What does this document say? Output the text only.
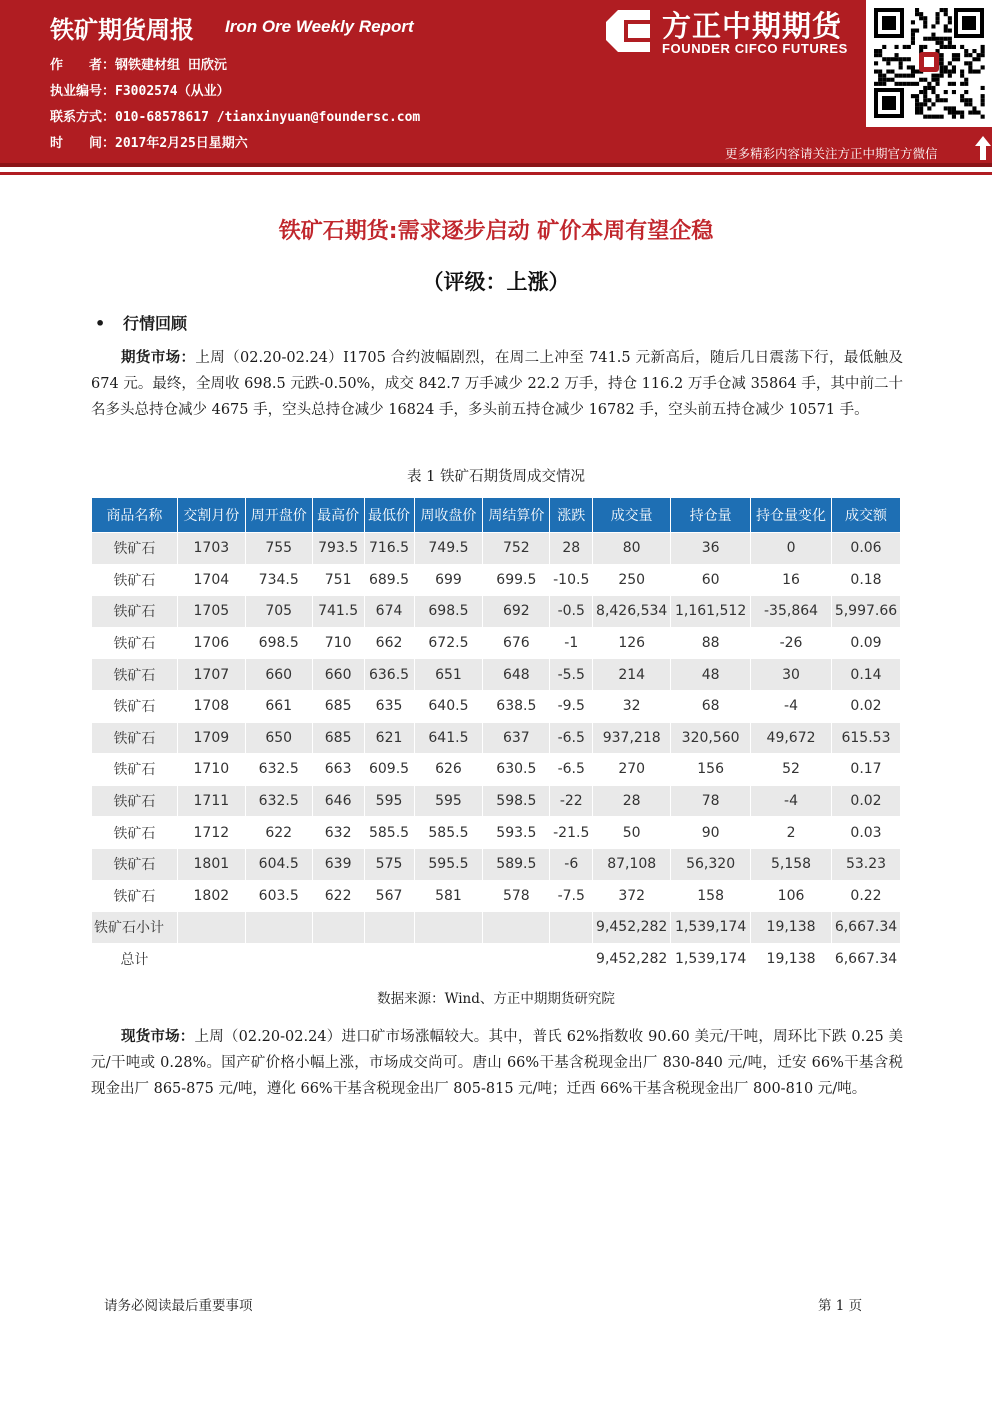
铁矿期货周报 Iron Ore Weekly Report
作　　者：钢铁建材组 田欣沅
执业编号：F3002574（从业）
联系方式：010-68578617 /tianxinyuan@foundersc.com
时　　间：2017年2月25日星期六
方正中期期货
FOUNDER CIFCO FUTURES
更多精彩内容请关注方正中期官方微信
铁矿石期货:需求逐步启动 矿价本周有望企稳
（评级：上涨）
• 行情回顾

期货市场：上周（02.20-02.24）I1705 合约波幅剧烈，在周二上冲至 741.5 元新高后，随后几日震荡下行，最低触及 674 元。最终，全周收 698.5 元跌-0.50%，成交 842.7 万手减少 22.2 万手，持仓 116.2 万手仓减 35864 手，其中前二十名多头总持仓减少 4675 手，空头总持仓减少 16824 手，多头前五持仓减少 16782 手，空头前五持仓减少 10571 手。

表 1 铁矿石期货周成交情况
商品名称	交割月份	周开盘价	最高价	最低价	周收盘价	周结算价	涨跌	成交量	持仓量	持仓量变化	成交额
铁矿石	1703	755	793.5	716.5	749.5	752	28	80	36	0	0.06
铁矿石	1704	734.5	751	689.5	699	699.5	-10.5	250	60	16	0.18
铁矿石	1705	705	741.5	674	698.5	692	-0.5	8,426,534	1,161,512	-35,864	5,997.66
铁矿石	1706	698.5	710	662	672.5	676	-1	126	88	-26	0.09
铁矿石	1707	660	660	636.5	651	648	-5.5	214	48	30	0.14
铁矿石	1708	661	685	635	640.5	638.5	-9.5	32	68	-4	0.02
铁矿石	1709	650	685	621	641.5	637	-6.5	937,218	320,560	49,672	615.53
铁矿石	1710	632.5	663	609.5	626	630.5	-6.5	270	156	52	0.17
铁矿石	1711	632.5	646	595	595	598.5	-22	28	78	-4	0.02
铁矿石	1712	622	632	585.5	585.5	593.5	-21.5	50	90	2	0.03
铁矿石	1801	604.5	639	575	595.5	589.5	-6	87,108	56,320	5,158	53.23
铁矿石	1802	603.5	622	567	581	578	-7.5	372	158	106	0.22
铁矿石小计								9,452,282	1,539,174	19,138	6,667.34
总计								9,452,282	1,539,174	19,138	6,667.34
数据来源：Wind、方正中期期货研究院

现货市场：上周（02.20-02.24）进口矿市场涨幅较大。其中，普氏 62%指数收 90.60 美元/干吨，周环比下跌 0.25 美元/干吨或 0.28%。国产矿价格小幅上涨，市场成交尚可。唐山 66%干基含税现金出厂 830-840 元/吨，迁安 66%干基含税现金出厂 865-875 元/吨，遵化 66%干基含税现金出厂 805-815 元/吨；迁西 66%干基含税现金出厂 800-810 元/吨。

请务必阅读最后重要事项	第 1 页
